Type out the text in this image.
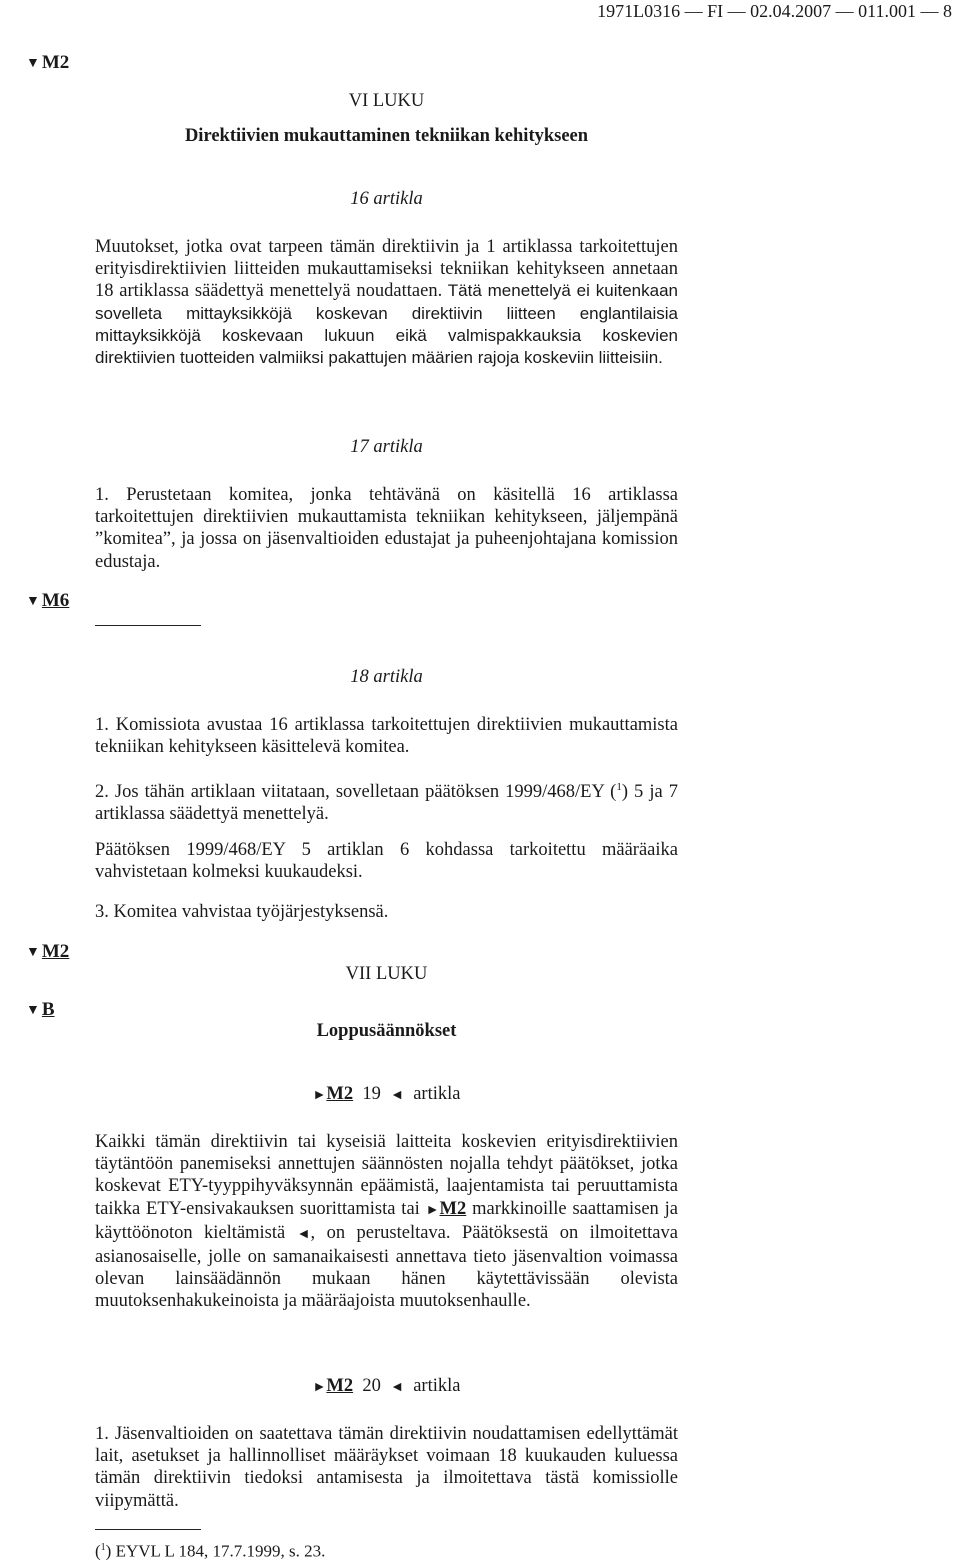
1971L0316 — FI — 02.04.2007 — 011.001 — 8
▼ M2
VI LUKU
Direktiivien mukauttaminen tekniikan kehitykseen
16 artikla
Muutokset, jotka ovat tarpeen tämän direktiivin ja 1 artiklassa tarkoitettujen erityisdirektiivien liitteiden mukauttamiseksi tekniikan kehitykseen annetaan 18 artiklassa säädettyä menettelyä noudattaen. Tätä menettelyä ei kuitenkaan sovelleta mittayksikköjä koskevan direktiivin liitteen englantilaisia mittayksikköjä koskevaan lukuun eikä valmispakkauksia koskevien direktiivien tuotteiden valmiiksi pakattujen määrien rajoja koskeviin liitteisiin.
17 artikla
1. Perustetaan komitea, jonka tehtävänä on käsitellä 16 artiklassa tarkoitettujen direktiivien mukauttamista tekniikan kehitykseen, jäljempänä ”komitea”, ja jossa on jäsenvaltioiden edustajat ja puheenjohtajana komission edustaja.
▼ M6
18 artikla
1. Komissiota avustaa 16 artiklassa tarkoitettujen direktiivien mukauttamista tekniikan kehitykseen käsittelevä komitea.
2. Jos tähän artiklaan viitataan, sovelletaan päätöksen 1999/468/EY ($^1$) 5 ja 7 artiklassa säädettyä menettelyä.
Päätöksen 1999/468/EY 5 artiklan 6 kohdassa tarkoitettu määräaika vahvistetaan kolmeksi kuukaudeksi.
3. Komitea vahvistaa työjärjestyksensä.
▼ M2
▼ B
VII LUKU
Loppusäännökset
►M2 19 ◄ artikla
Kaikki tämän direktiivin tai kyseisiä laitteita koskevien erityisdirektiivien täytäntöön panemiseksi annettujen säännösten nojalla tehdyt päätökset, jotka koskevat ETY-tyyppihyväksynnän epäämistä, laajentamista tai peruuttamista taikka ETY-ensivakauksen suorittamista tai ►M2 markkinoille saattamisen ja käyttöönoton kieltämistä ◄, on perusteltava. Päätöksestä on ilmoitettava asianosaiselle, jolle on samanaikaisesti annettava tieto jäsenvaltion voimassa olevan lainsäädännön mukaan hänen käytettävissään olevista muutoksenhakukeinoista ja määräajoista muutoksenhaulle.
►M2 20 ◄ artikla
1. Jäsenvaltioiden on saatettava tämän direktiivin noudattamisen edellyttämät lait, asetukset ja hallinnolliset määräykset voimaan 18 kuukauden kuluessa tämän direktiivin tiedoksi antamisesta ja ilmoitettava tästä komissiolle viipymättä.
($^1$) EYVL L 184, 17.7.1999, s. 23.
